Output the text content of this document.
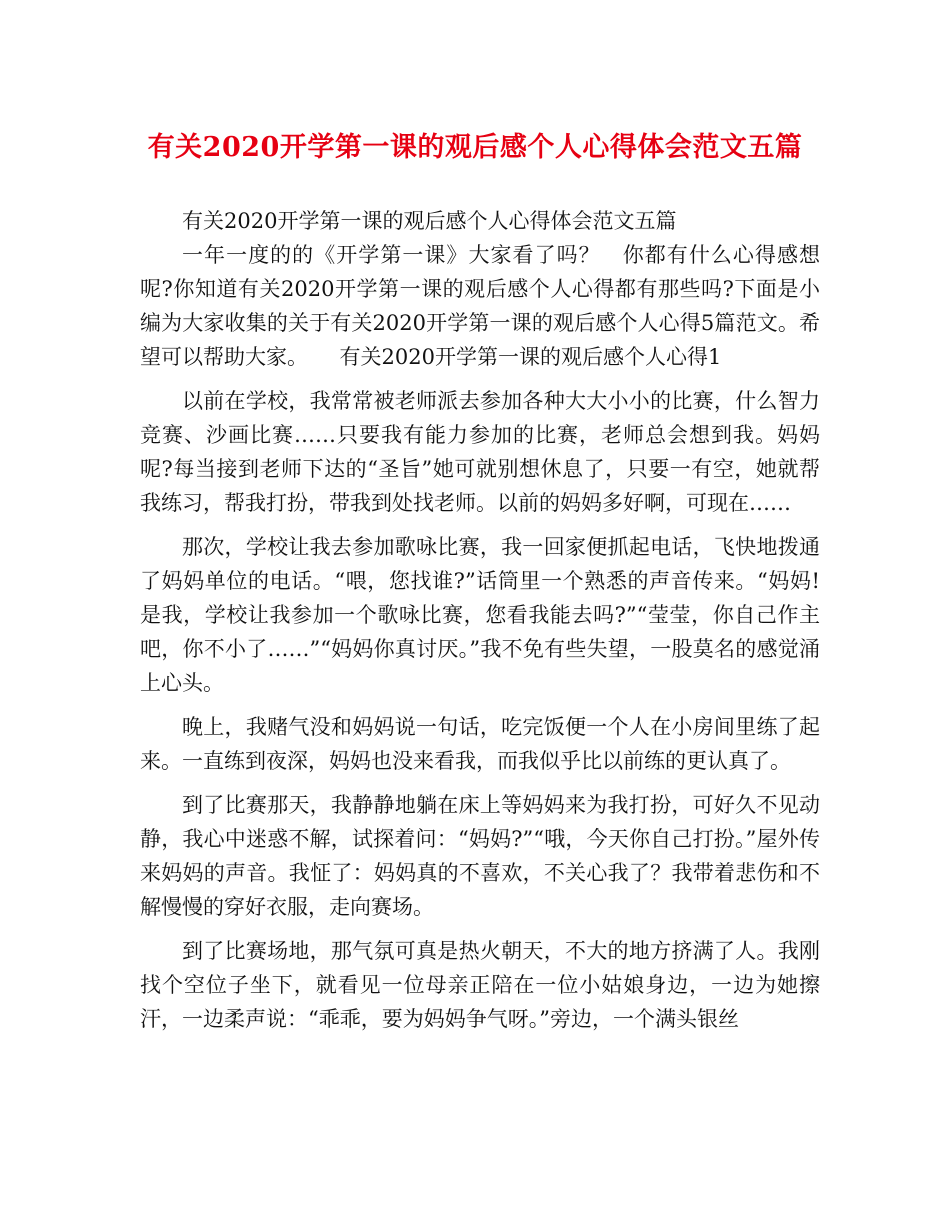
有关2020开学第一课的观后感个人心得体会范文五篇

有关2020开学第一课的观后感个人心得体会范文五篇

一年一度的的《开学第一课》大家看了吗？　你都有什么心得感想呢?你知道有关2020开学第一课的观后感个人心得都有那些吗?下面是小编为大家收集的关于有关2020开学第一课的观后感个人心得5篇范文。希望可以帮助大家。　　有关2020开学第一课的观后感个人心得1

以前在学校，我常常被老师派去参加各种大大小小的比赛，什么智力竞赛、沙画比赛……只要我有能力参加的比赛，老师总会想到我。妈妈呢?每当接到老师下达的“圣旨”她可就别想休息了，只要一有空，她就帮我练习，帮我打扮，带我到处找老师。以前的妈妈多好啊，可现在……

那次，学校让我去参加歌咏比赛，我一回家便抓起电话，飞快地拨通了妈妈单位的电话。“喂，您找谁?”话筒里一个熟悉的声音传来。“妈妈!是我，学校让我参加一个歌咏比赛，您看我能去吗?”“莹莹，你自己作主吧，你不小了……”“妈妈你真讨厌。”我不免有些失望，一股莫名的感觉涌上心头。

晚上，我赌气没和妈妈说一句话，吃完饭便一个人在小房间里练了起来。一直练到夜深，妈妈也没来看我，而我似乎比以前练的更认真了。

到了比赛那天，我静静地躺在床上等妈妈来为我打扮，可好久不见动静，我心中迷惑不解，试探着问：“妈妈?”“哦，今天你自己打扮。”屋外传来妈妈的声音。我怔了：妈妈真的不喜欢，不关心我了？我带着悲伤和不解慢慢的穿好衣服，走向赛场。

到了比赛场地，那气氛可真是热火朝天，不大的地方挤满了人。我刚找个空位子坐下，就看见一位母亲正陪在一位小姑娘身边，一边为她擦汗，一边柔声说：“乖乖，要为妈妈争气呀。”旁边，一个满头银丝
